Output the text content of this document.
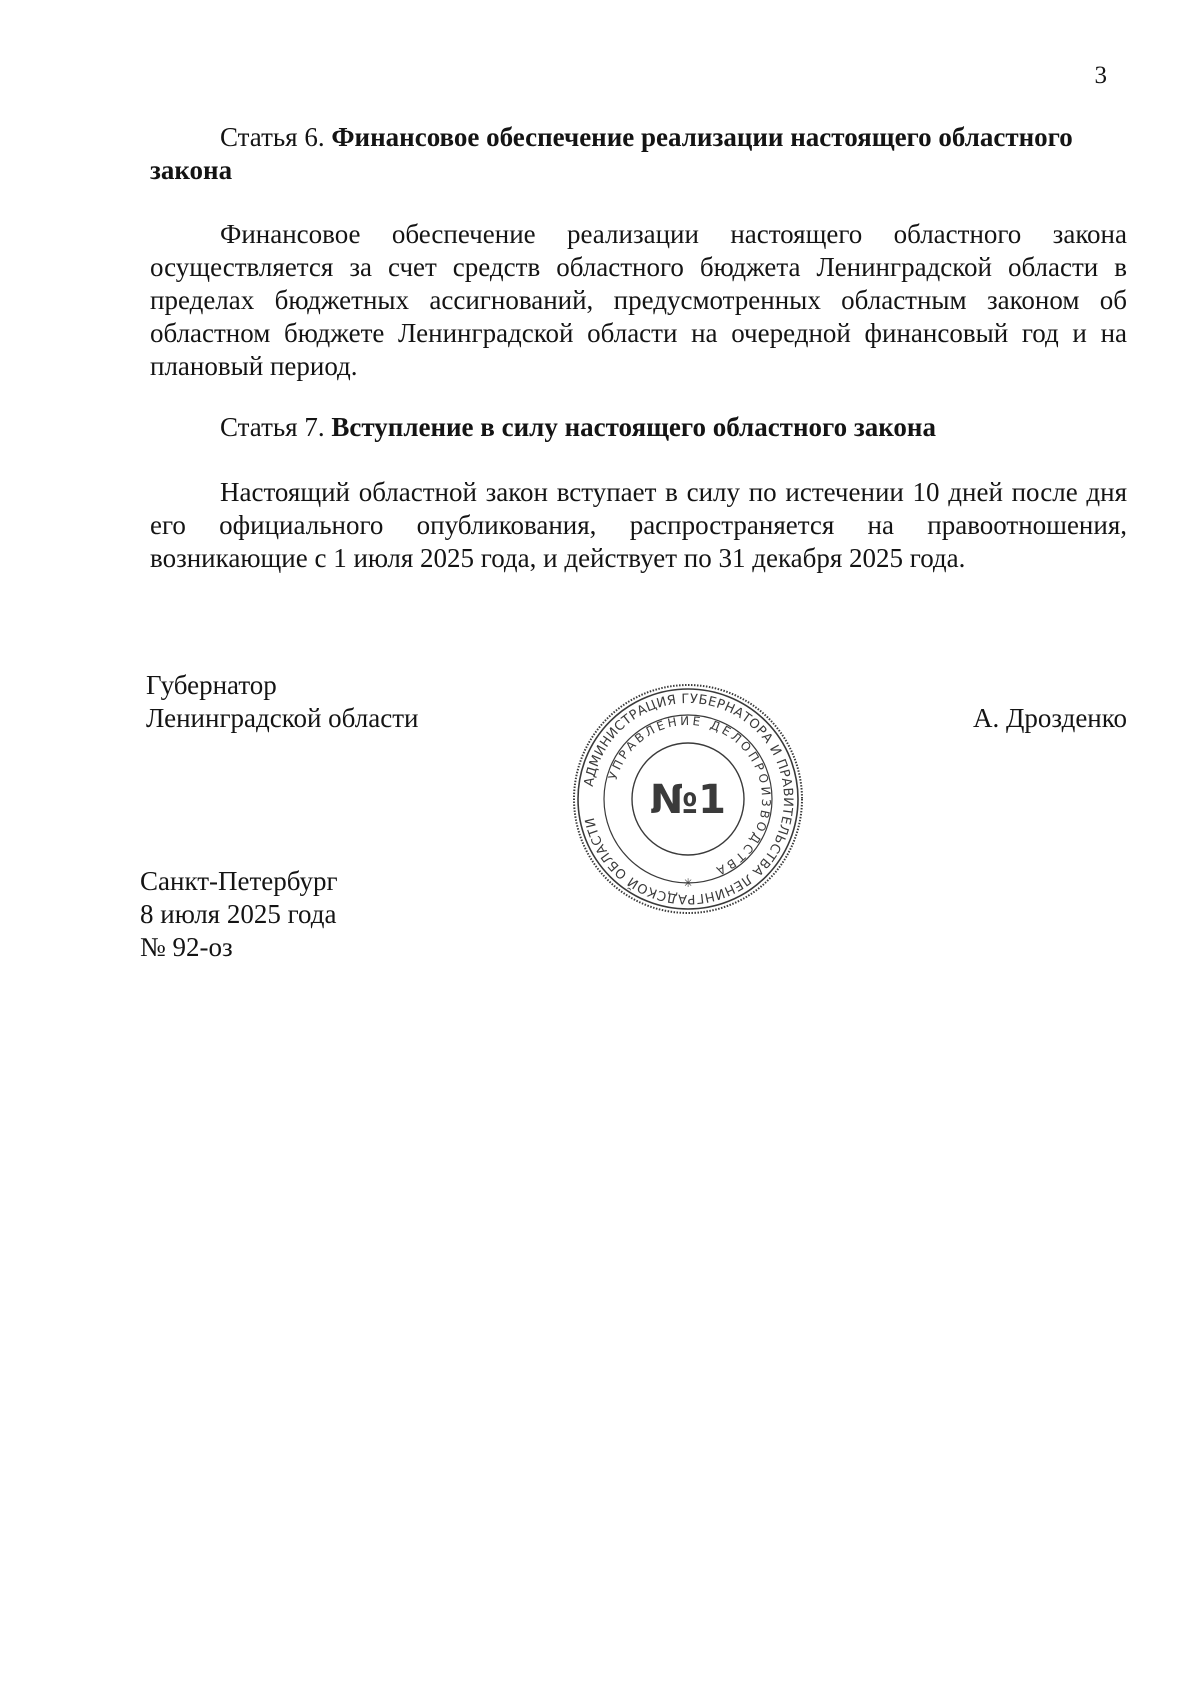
3
Статья 6. Финансовое обеспечение реализации настоящего областного закона
Финансовое обеспечение реализации настоящего областного закона осуществляется за счет средств областного бюджета Ленинградской области в пределах бюджетных ассигнований, предусмотренных областным законом об областном бюджете Ленинградской области на очередной финансовый год и на плановый период.
Статья 7. Вступление в силу настоящего областного закона
Настоящий областной закон вступает в силу по истечении 10 дней после дня его официального опубликования, распространяется на правоотношения, возникающие с 1 июля 2025 года, и действует по 31 декабря 2025 года.
Губернатор
Ленинградской области	А. Дрозденко
АДМИНИСТРАЦИЯ ГУБЕРНАТОРА И ПРАВИТЕЛЬСТВА ЛЕНИНГРАДСКОЙ ОБЛАСТИ
УПРАВЛЕНИЕ ДЕЛОПРОИЗВОДСТВА
№1
✳
Санкт-Петербург
8 июля 2025 года
№ 92-оз
